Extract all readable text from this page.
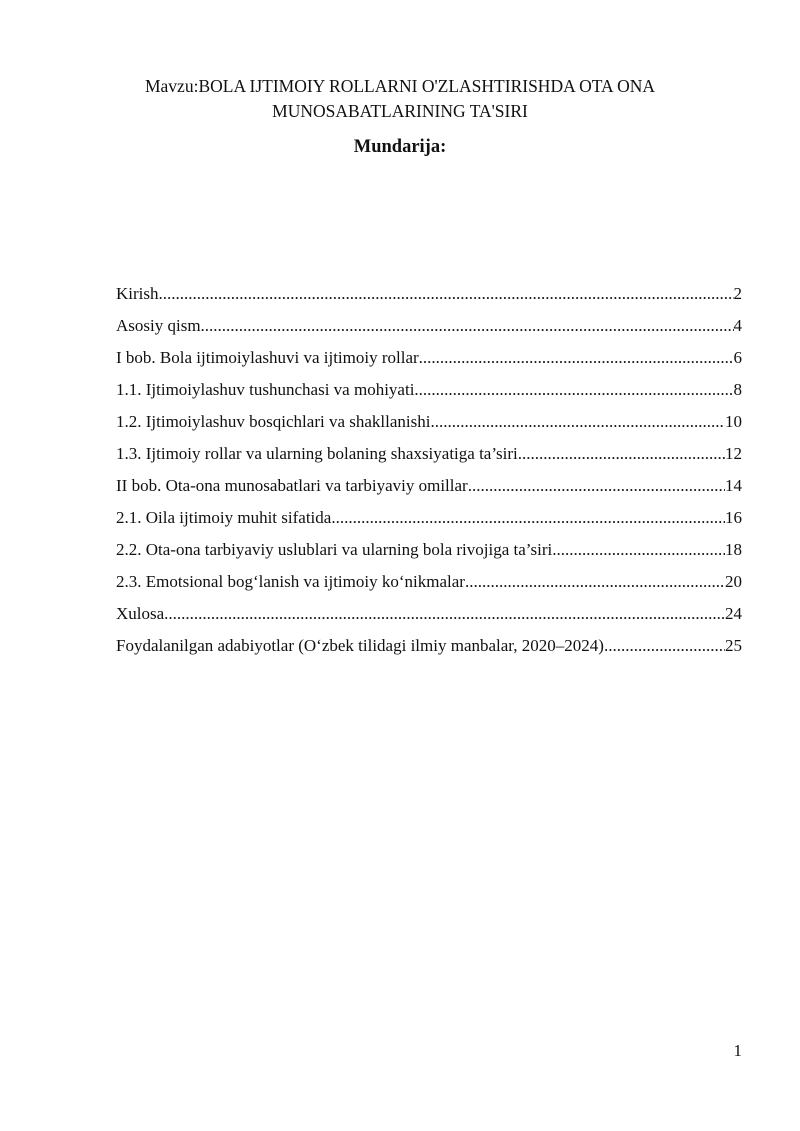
Mavzu:BOLA IJTIMOIY ROLLARNI O'ZLASHTIRISHDA OTA ONA
MUNOSABATLARINING TA'SIRI
Mundarija:
Kirish .....	2
Asosiy qism .....	4
I bob. Bola ijtimoiylashuvi va ijtimoiy rollar .....	6
1.1. Ijtimoiylashuv tushunchasi va mohiyati .....	8
1.2. Ijtimoiylashuv bosqichlari va shakllanishi .....	10
1.3. Ijtimoiy rollar va ularning bolaning shaxsiyatiga ta’siri .....	12
II bob. Ota-ona munosabatlari va tarbiyaviy omillar .....	14
2.1. Oila ijtimoiy muhit sifatida .....	16
2.2. Ota-ona tarbiyaviy uslublari va ularning bola rivojiga ta’siri .....	18
2.3. Emotsional bog‘lanish va ijtimoiy ko‘nikmalar .....	20
Xulosa .....	24
Foydalanilgan adabiyotlar (O‘zbek tilidagi ilmiy manbalar, 2020–2024) .....	25
1
